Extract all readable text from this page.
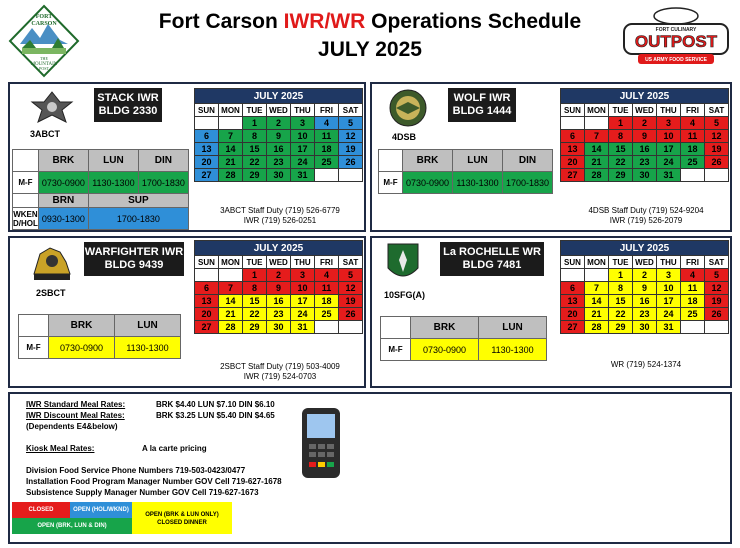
Fort Carson IWR/WR Operations Schedule
JULY 2025
FORT
CARSON
THE
MOUNTAIN
POST
FORT CULINARY
OUTPOST
US ARMY FOOD SERVICE
3ABCT
STACK IWR
BLDG 2330
JULY 2025						
SUN	MON	TUE	WED	THU	FRI	SAT
		1	2	3	4	5
6	7	8	9	10	11	12
13	14	15	16	17	18	19
20	21	22	23	24	25	26
27	28	29	30	31		
	BRK	LUN	DIN
M-F	0730-0900	1130-1300	1700-1830
	BRN	SUP	

WKEN
D/HOL	0930-1300	1700-1830	
3ABCT Staff Duty (719) 526-6779
IWR (719) 526-0251
4DSB
WOLF IWR
BLDG 1444
JULY 2025						
SUN	MON	TUE	WED	THU	FRI	SAT
		1	2	3	4	5
6	7	8	9	10	11	12
13	14	15	16	17	18	19
20	21	22	23	24	25	26
27	28	29	30	31		
	BRK	LUN	DIN
M-F	0730-0900	1130-1300	1700-1830
4DSB Staff Duty (719) 524-9204
IWR (719) 526-2079
2SBCT
WARFIGHTER IWR
BLDG 9439
JULY 2025						
SUN	MON	TUE	WED	THU	FRI	SAT
		1	2	3	4	5
6	7	8	9	10	11	12
13	14	15	16	17	18	19
20	21	22	23	24	25	26
27	28	29	30	31		
	BRK	LUN
M-F	0730-0900	1130-1300
2SBCT Staff Duty (719) 503-4009
IWR (719) 524-0703
10SFG(A)
La ROCHELLE WR
BLDG 7481
JULY 2025						
SUN	MON	TUE	WED	THU	FRI	SAT
		1	2	3	4	5
6	7	8	9	10	11	12
13	14	15	16	17	18	19
20	21	22	23	24	25	26
27	28	29	30	31		
	BRK	LUN
M-F	0730-0900	1130-1300
WR (719) 524-1374
IWR Standard Meal Rates:	BRK $4.40 LUN $7.10 DIN $6.10
IWR Discount Meal Rates:	BRK $3.25 LUN $5.40 DIN $4.65
(Dependents E4&below)
Kiosk Meal Rates:	A la carte pricing
Division Food Service Phone Numbers 719-503-0423/0477
Installation Food Program Manager Number GOV Cell 719-627-1678
Subsistence Supply Manager Number GOV Cell 719-627-1673
CLOSED	OPEN (HOL/WKND)
OPEN (BRK, LUN & DIN)
OPEN (BRK & LUN ONLY)
CLOSED DINNER
